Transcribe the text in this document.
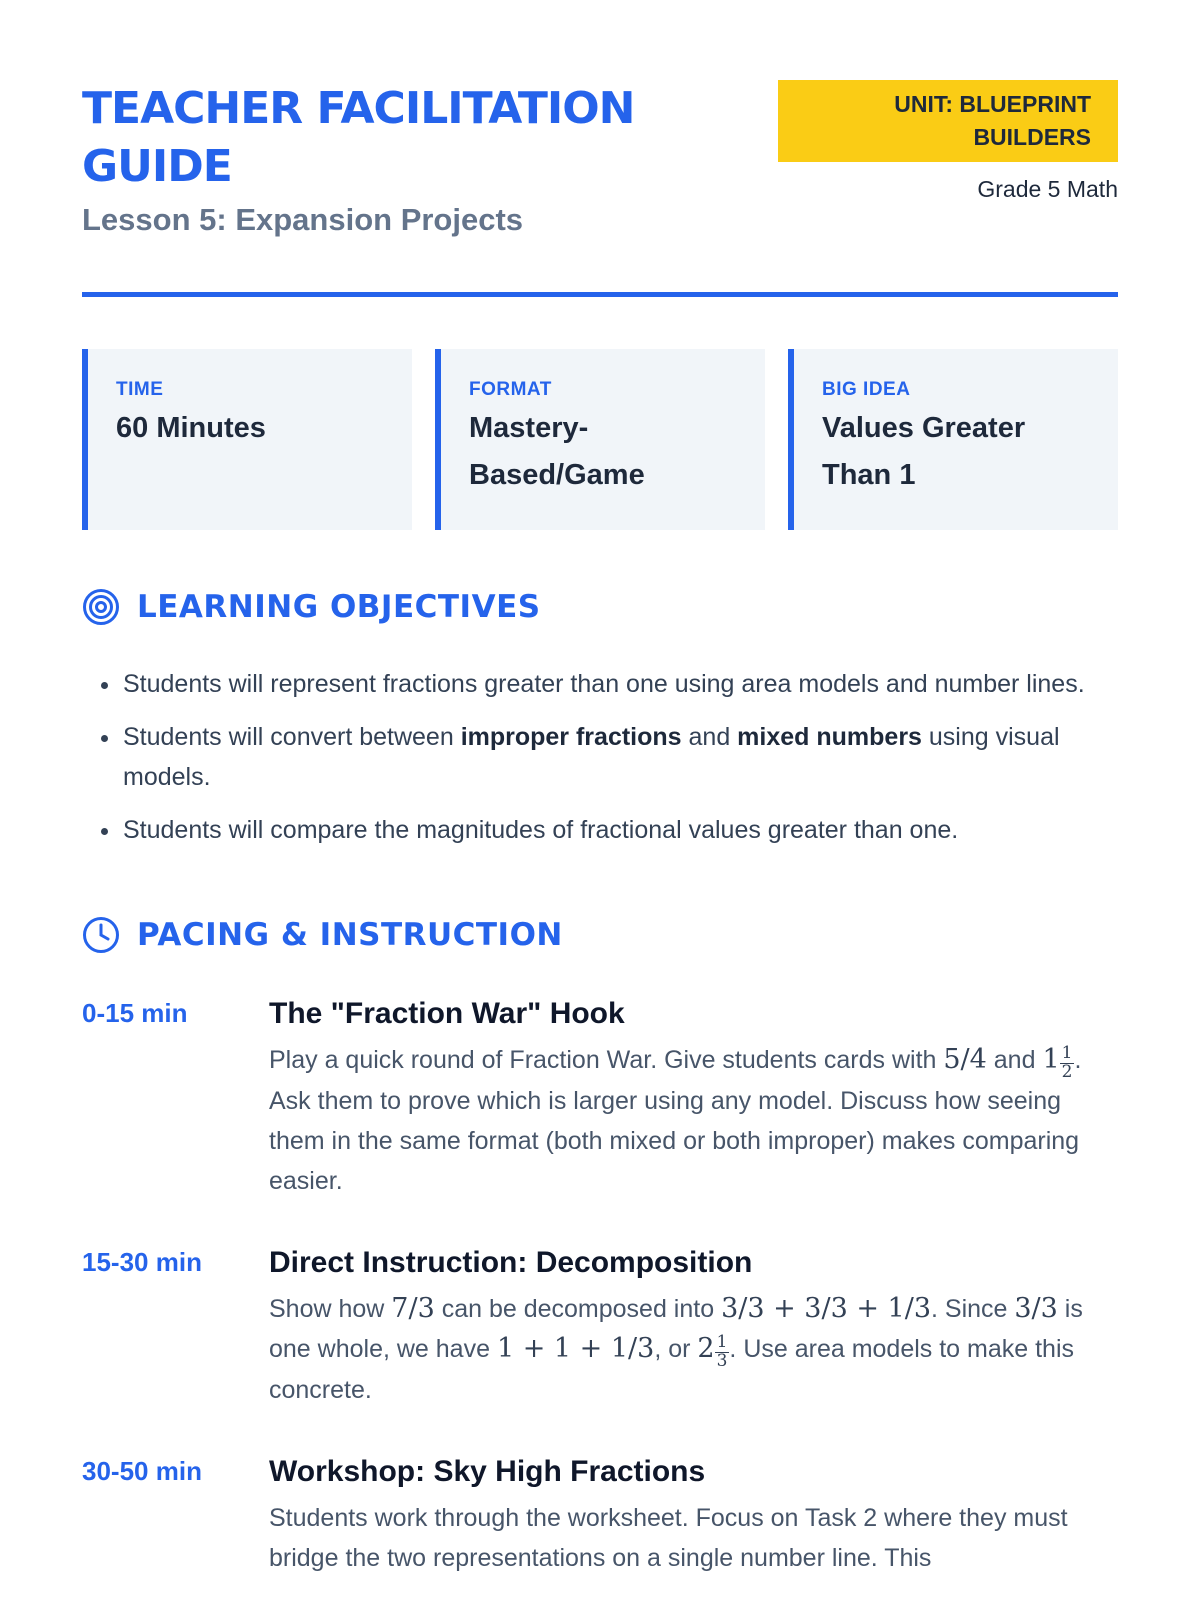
TEACHER FACILITATION GUIDE
Lesson 5: Expansion Projects
UNIT: BLUEPRINT BUILDERS
Grade 5 Math
TIME
60 Minutes
FORMAT
Mastery-Based/Game
BIG IDEA
Values Greater Than 1
LEARNING OBJECTIVES
• Students will represent fractions greater than one using area models and number lines.
• Students will convert between improper fractions and mixed numbers using visual models.
• Students will compare the magnitudes of fractional values greater than one.
PACING & INSTRUCTION
0-15 min	The "Fraction War" Hook

Play a quick round of Fraction War. Give students cards with 5/4 and $1 \frac{1}{2}$ . Ask them to prove which is larger using any model. Discuss how seeing them in the same format (both mixed or both improper) makes comparing easier.

15-30 min	Direct Instruction: Decomposition

Show how 7/3 can be decomposed into 3/3 + 3/3 + 1/3. Since 3/3 is one whole, we have 1 + 1 + 1/3, or $2 \frac{1}{3}$ . Use area models to make this concrete.

30-50 min	Workshop: Sky High Fractions

Students work through the worksheet. Focus on Task 2 where they must bridge the two representations on a single number line. This
